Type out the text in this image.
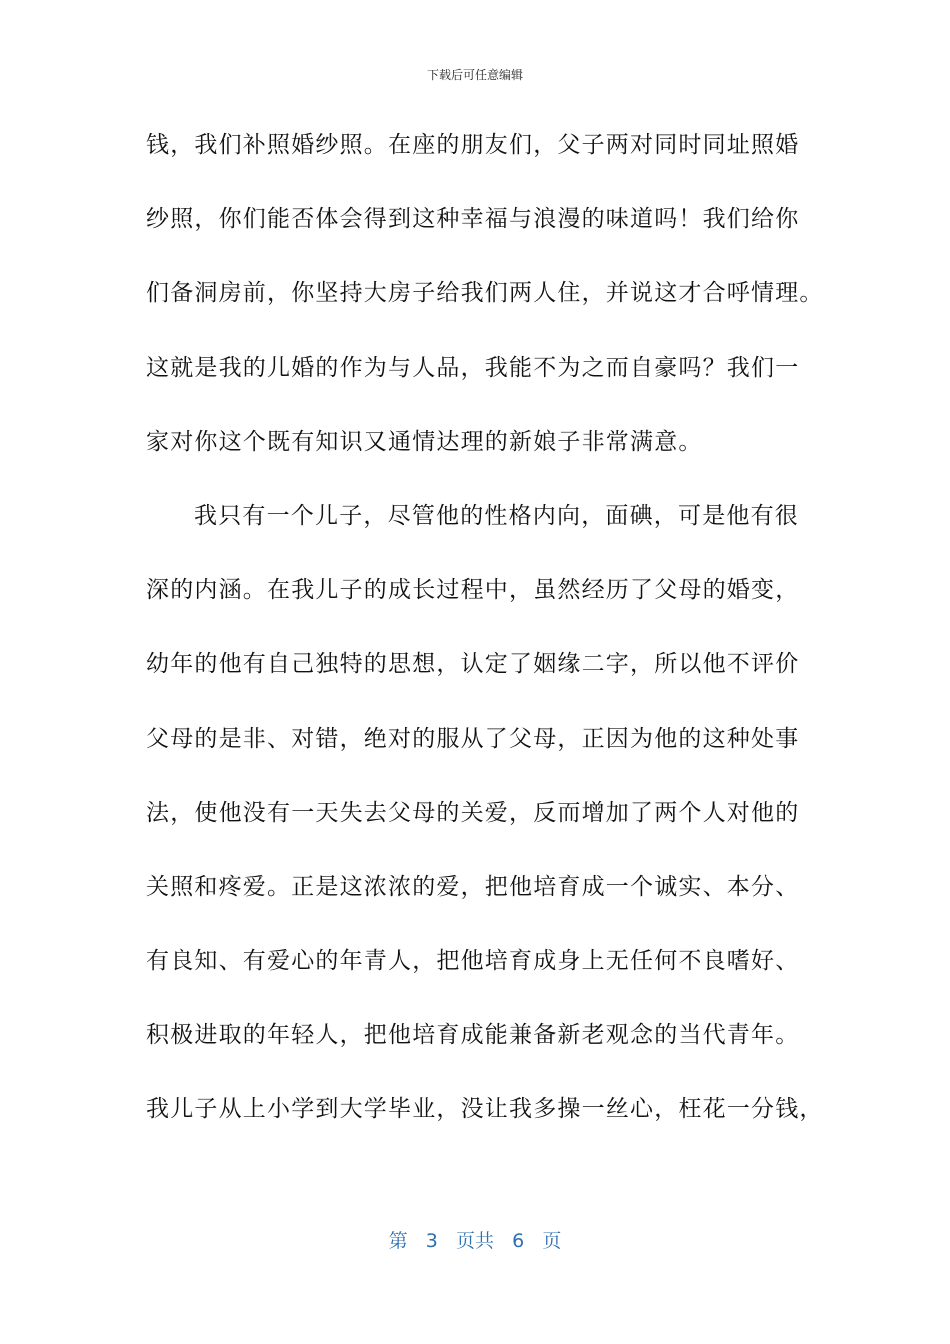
下载后可任意编辑
钱，我们补照婚纱照。在座的朋友们，父子两对同时同址照婚
纱照，你们能否体会得到这种幸福与浪漫的味道吗！我们给你
们备洞房前，你坚持大房子给我们两人住，并说这才合呼情理。
这就是我的儿婚的作为与人品，我能不为之而自豪吗？我们一
家对你这个既有知识又通情达理的新娘子非常满意。
我只有一个儿子，尽管他的性格内向，面碘，可是他有很
深的内涵。在我儿子的成长过程中，虽然经历了父母的婚变，
幼年的他有自己独特的思想，认定了姻缘二字，所以他不评价
父母的是非、对错，绝对的服从了父母，正因为他的这种处事
法，使他没有一天失去父母的关爱，反而增加了两个人对他的
关照和疼爱。正是这浓浓的爱，把他培育成一个诚实、本分、
有良知、有爱心的年青人，把他培育成身上无任何不良嗜好、
积极进取的年轻人，把他培育成能兼备新老观念的当代青年。
我儿子从上小学到大学毕业，没让我多操一丝心，枉花一分钱，
第 3 页共 6 页
